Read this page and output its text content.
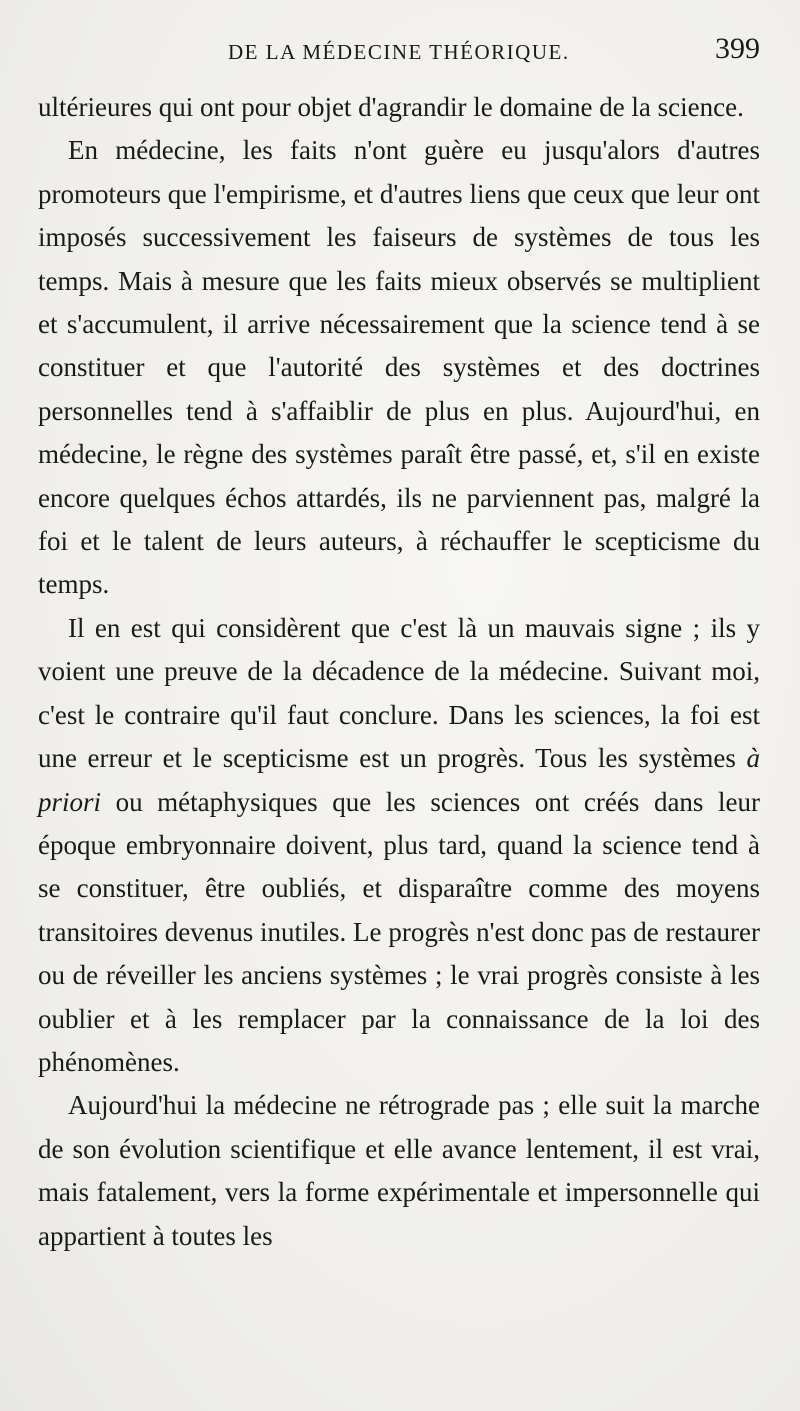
DE LA MÉDECINE THÉORIQUE.	399

ultérieures qui ont pour objet d'agrandir le domaine de la science.

En médecine, les faits n'ont guère eu jusqu'alors d'autres promoteurs que l'empirisme, et d'autres liens que ceux que leur ont imposés successivement les faiseurs de systèmes de tous les temps. Mais à mesure que les faits mieux observés se multiplient et s'accumulent, il arrive nécessairement que la science tend à se constituer et que l'autorité des systèmes et des doctrines personnelles tend à s'affaiblir de plus en plus. Aujourd'hui, en médecine, le règne des systèmes paraît être passé, et, s'il en existe encore quelques échos attardés, ils ne parviennent pas, malgré la foi et le talent de leurs auteurs, à réchauffer le scepticisme du temps.

Il en est qui considèrent que c'est là un mauvais signe ; ils y voient une preuve de la décadence de la médecine. Suivant moi, c'est le contraire qu'il faut conclure. Dans les sciences, la foi est une erreur et le scepticisme est un progrès. Tous les systèmes à priori ou métaphysiques que les sciences ont créés dans leur époque embryonnaire doivent, plus tard, quand la science tend à se constituer, être oubliés, et disparaître comme des moyens transitoires devenus inutiles. Le progrès n'est donc pas de restaurer ou de réveiller les anciens systèmes ; le vrai progrès consiste à les oublier et à les remplacer par la connaissance de la loi des phénomènes.

Aujourd'hui la médecine ne rétrograde pas ; elle suit la marche de son évolution scientifique et elle avance lentement, il est vrai, mais fatalement, vers la forme expérimentale et impersonnelle qui appartient à toutes les
